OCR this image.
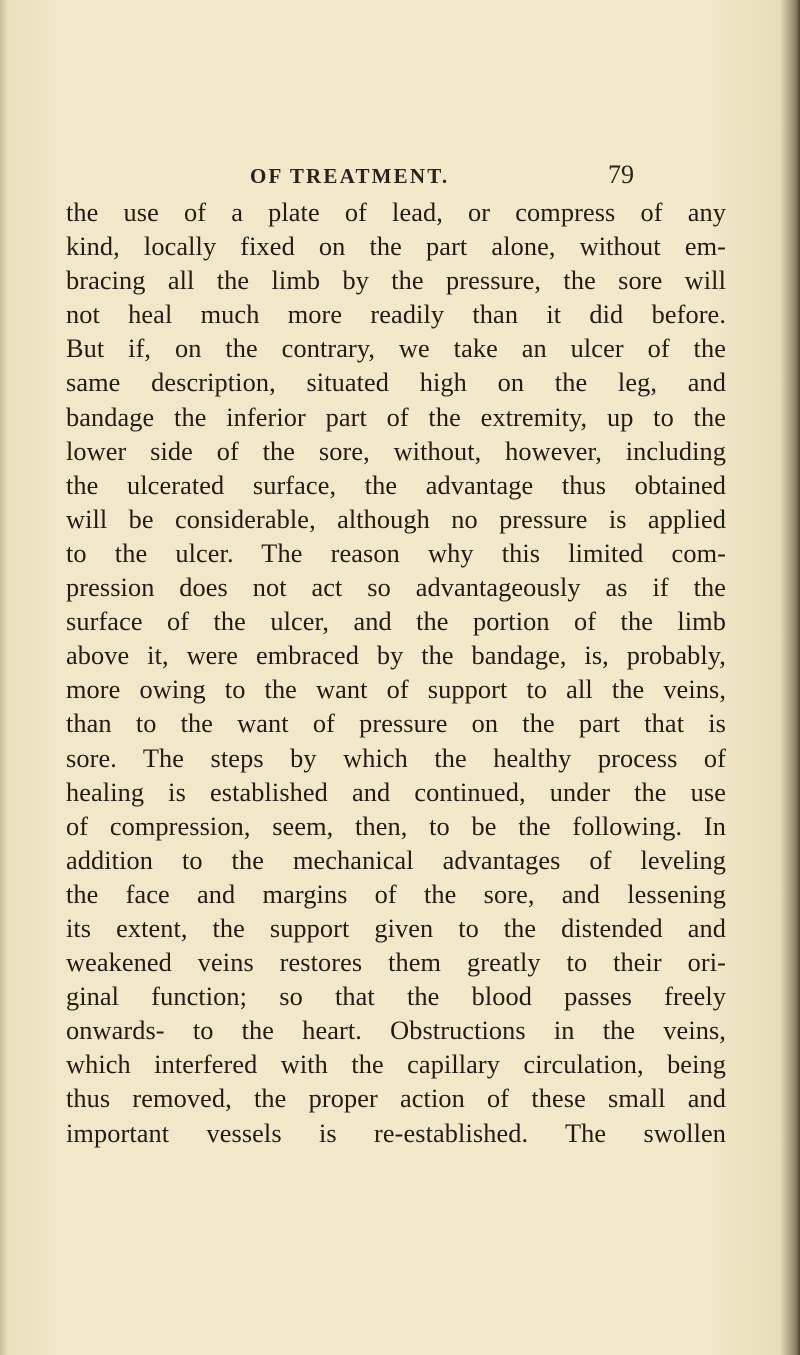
OF TREATMENT.	79
the use of a plate of lead, or compress of any
kind, locally fixed on the part alone, without em-
bracing all the limb by the pressure, the sore will
not heal much more readily than it did before.
But if, on the contrary, we take an ulcer of the
same description, situated high on the leg, and
bandage the inferior part of the extremity, up to the
lower side of the sore, without, however, including
the ulcerated surface, the advantage thus obtained
will be considerable, although no pressure is applied
to the ulcer. The reason why this limited com-
pression does not act so advantageously as if the
surface of the ulcer, and the portion of the limb
above it, were embraced by the bandage, is, probably,
more owing to the want of support to all the veins,
than to the want of pressure on the part that is
sore. The steps by which the healthy process of
healing is established and continued, under the use
of compression, seem, then, to be the following. In
addition to the mechanical advantages of leveling
the face and margins of the sore, and lessening
its extent, the support given to the distended and
weakened veins restores them greatly to their ori-
ginal function; so that the blood passes freely
onwards- to the heart. Obstructions in the veins,
which interfered with the capillary circulation, being
thus removed, the proper action of these small and
important vessels is re-established. The swollen
